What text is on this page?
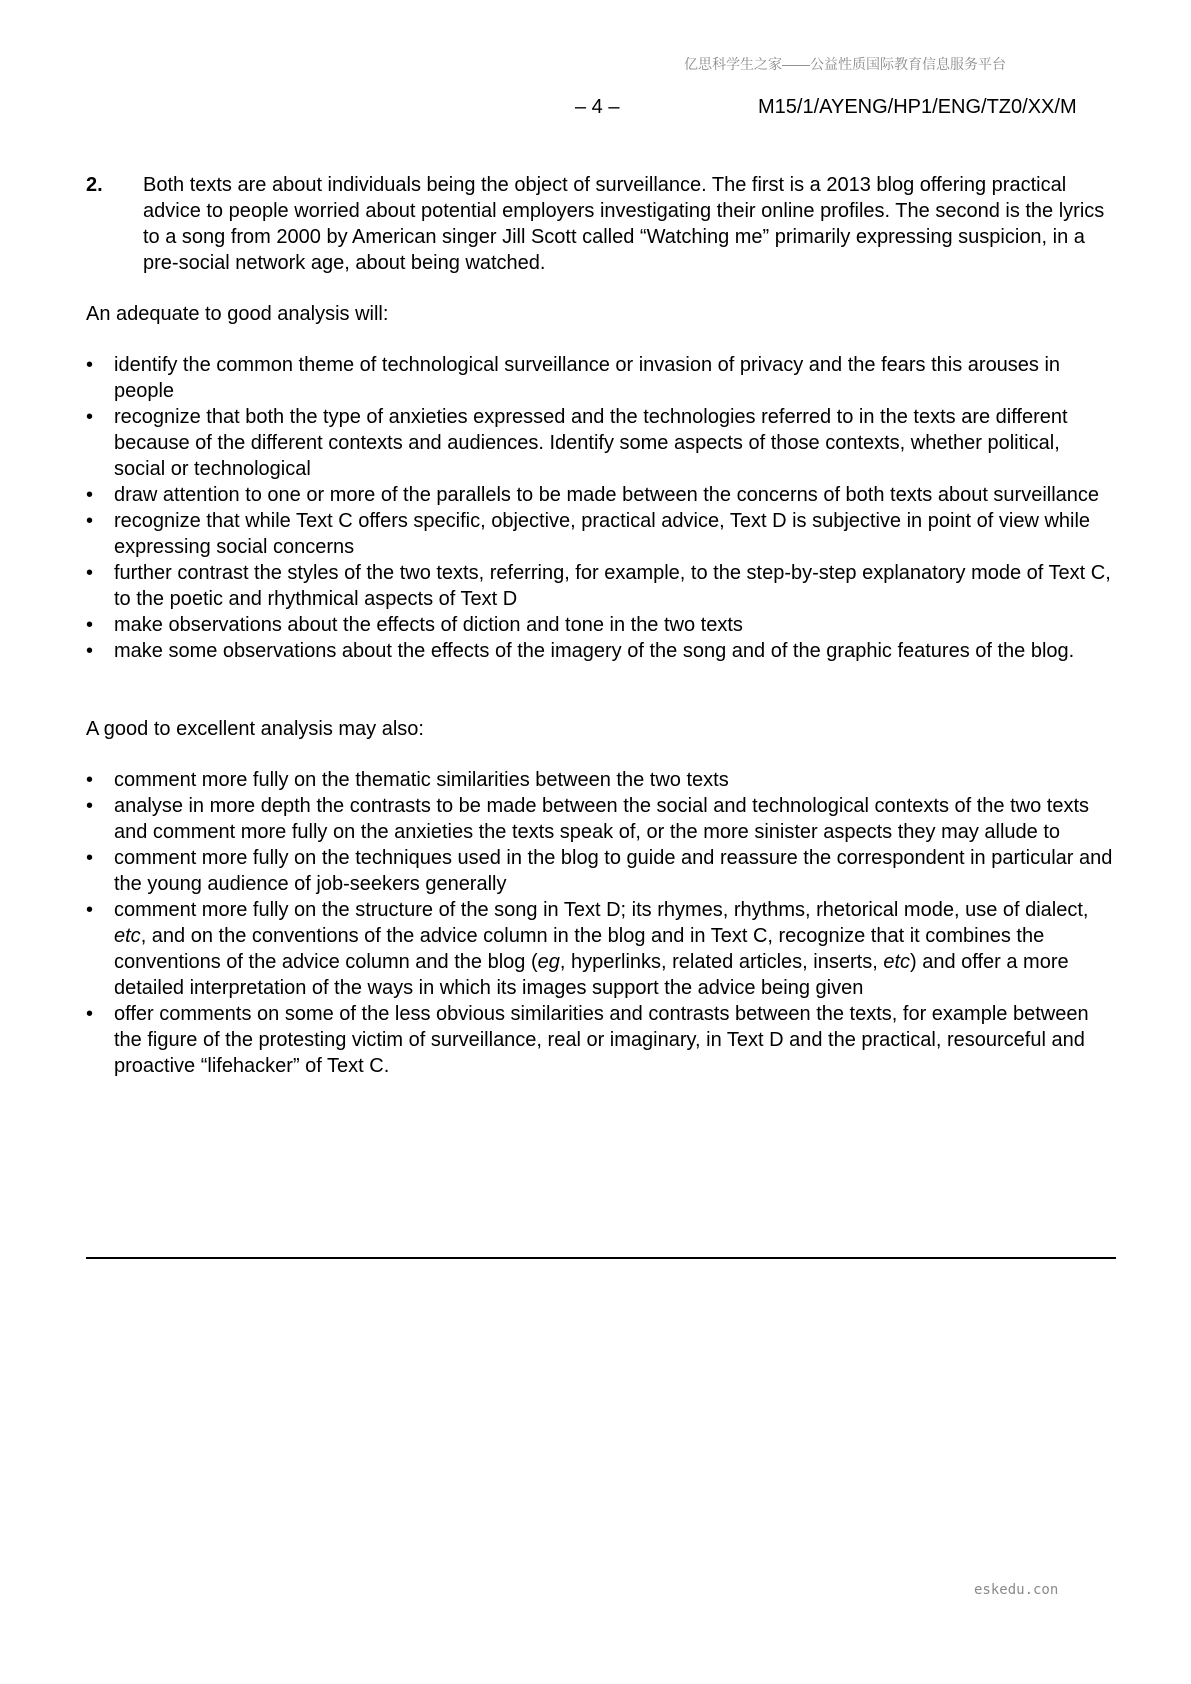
亿思科学生之家——公益性质国际教育信息服务平台
– 4 –	M15/1/AYENG/HP1/ENG/TZ0/XX/M
2.	Both texts are about individuals being the object of surveillance. The first is a 2013 blog offering practical advice to people worried about potential employers investigating their online profiles. The second is the lyrics to a song from 2000 by American singer Jill Scott called “Watching me” primarily expressing suspicion, in a pre-social network age, about being watched.

An adequate to good analysis will:

• identify the common theme of technological surveillance or invasion of privacy and the fears this arouses in people
• recognize that both the type of anxieties expressed and the technologies referred to in the texts are different because of the different contexts and audiences. Identify some aspects of those contexts, whether political, social or technological
• draw attention to one or more of the parallels to be made between the concerns of both texts about surveillance
• recognize that while Text C offers specific, objective, practical advice, Text D is subjective in point of view while expressing social concerns
• further contrast the styles of the two texts, referring, for example, to the step-by-step explanatory mode of Text C, to the poetic and rhythmical aspects of Text D
• make observations about the effects of diction and tone in the two texts
• make some observations about the effects of the imagery of the song and of the graphic features of the blog.

A good to excellent analysis may also:

• comment more fully on the thematic similarities between the two texts
• analyse in more depth the contrasts to be made between the social and technological contexts of the two texts and comment more fully on the anxieties the texts speak of, or the more sinister aspects they may allude to
• comment more fully on the techniques used in the blog to guide and reassure the correspondent in particular and the young audience of job-seekers generally
• comment more fully on the structure of the song in Text D; its rhymes, rhythms, rhetorical mode, use of dialect, etc, and on the conventions of the advice column in the blog and in Text C, recognize that it combines the conventions of the advice column and the blog (eg, hyperlinks, related articles, inserts, etc) and offer a more detailed interpretation of the ways in which its images support the advice being given
• offer comments on some of the less obvious similarities and contrasts between the texts, for example between the figure of the protesting victim of surveillance, real or imaginary, in Text D and the practical, resourceful and proactive “lifehacker” of Text C.
eskedu.con
